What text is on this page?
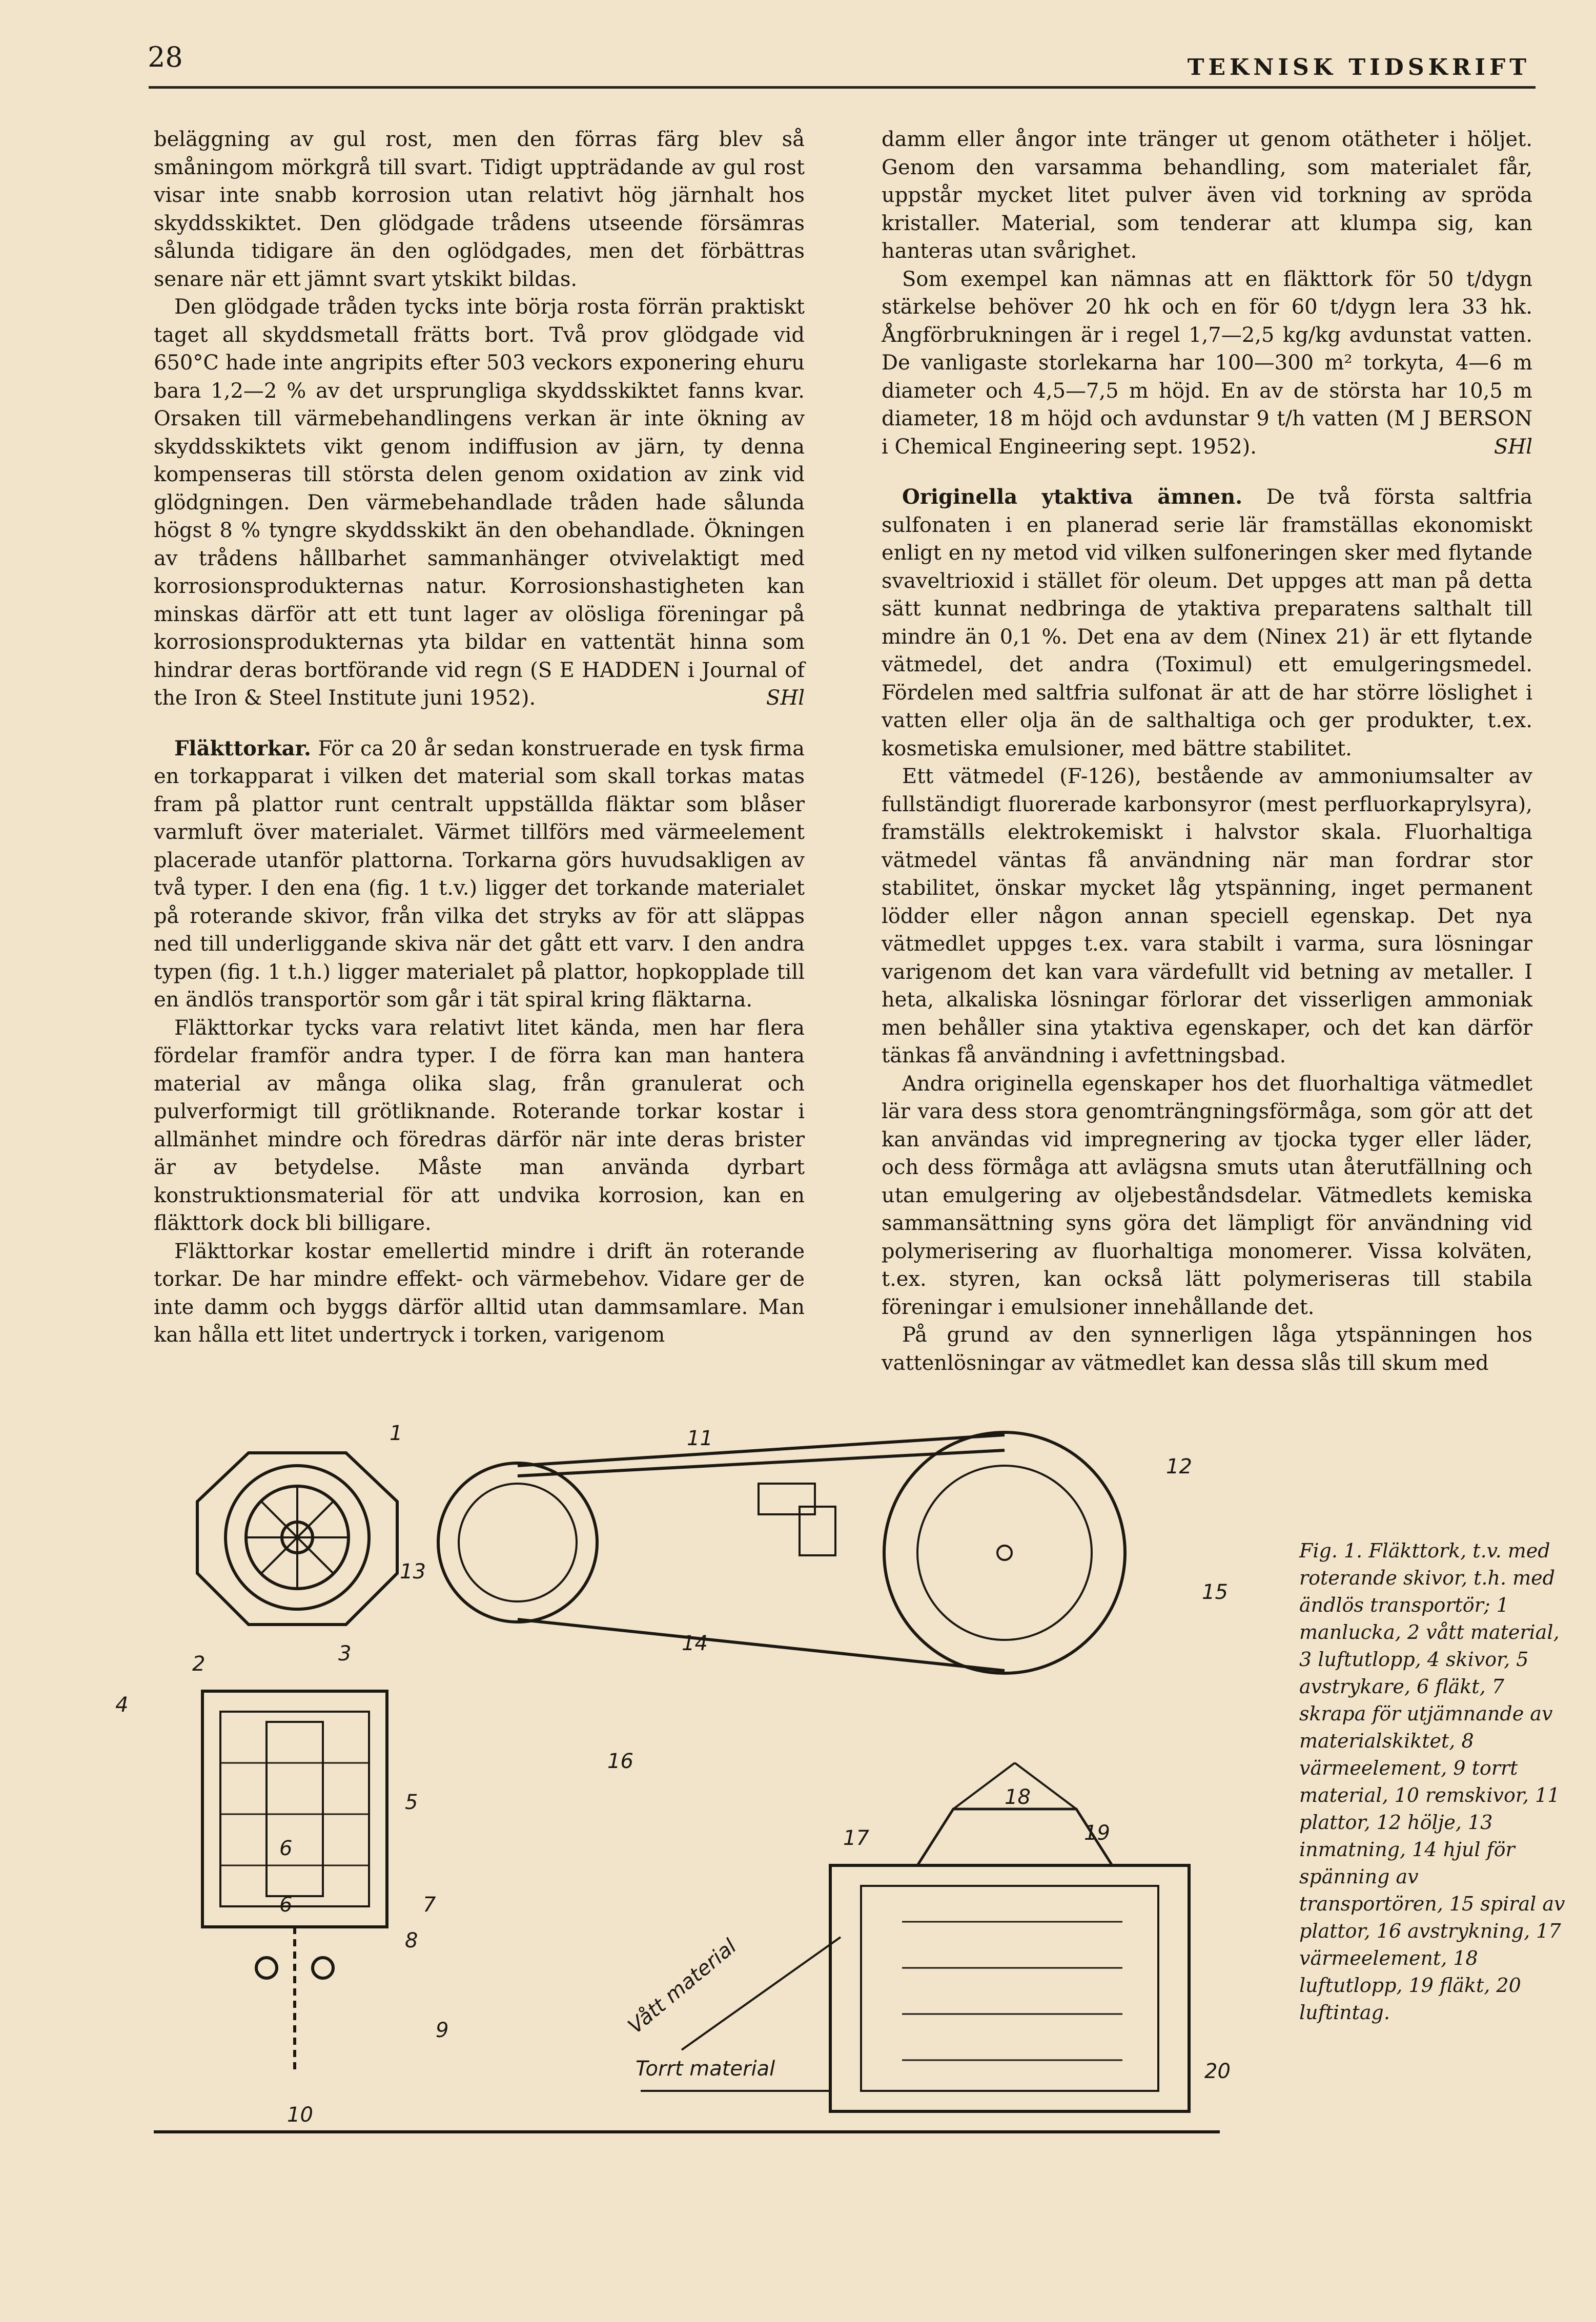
28	TEKNISK TIDSKRIFT

beläggning av gul rost, men den förras färg blev så småningom mörkgrå till svart. Tidigt uppträdande av gul rost visar inte snabb korrosion utan relativt hög järnhalt hos skyddsskiktet. Den glödgade trådens utseende försämras sålunda tidigare än den oglödgades, men det förbättras senare när ett jämnt svart ytskikt bildas.

Den glödgade tråden tycks inte börja rosta förrän praktiskt taget all skyddsmetall frätts bort. Två prov glödgade vid 650°C hade inte angripits efter 503 veckors exponering ehuru bara 1,2—2 % av det ursprungliga skyddsskiktet fanns kvar. Orsaken till värmebehandlingens verkan är inte ökning av skyddsskiktets vikt genom indiffusion av järn, ty denna kompenseras till största delen genom oxidation av zink vid glödgningen. Den värmebehandlade tråden hade sålunda högst 8 % tyngre skyddsskikt än den obehandlade. Ökningen av trådens hållbarhet sammanhänger otvivelaktigt med korrosionsprodukternas natur. Korrosionshastigheten kan minskas därför att ett tunt lager av olösliga föreningar på korrosionsprodukternas yta bildar en vattentät hinna som hindrar deras bortförande vid regn (S E HADDEN i Journal of the Iron & Steel Institute juni 1952).	SHl

Fläkttorkar. För ca 20 år sedan konstruerade en tysk firma en torkapparat i vilken det material som skall torkas matas fram på plattor runt centralt uppställda fläktar som blåser varmluft över materialet. Värmet tillförs med värmeelement placerade utanför plattorna. Torkarna görs huvudsakligen av två typer. I den ena (fig. 1 t.v.) ligger det torkande materialet på roterande skivor, från vilka det stryks av för att släppas ned till underliggande skiva när det gått ett varv. I den andra typen (fig. 1 t.h.) ligger materialet på plattor, hopkopplade till en ändlös transportör som går i tät spiral kring fläktarna.

Fläkttorkar tycks vara relativt litet kända, men har flera fördelar framför andra typer. I de förra kan man hantera material av många olika slag, från granulerat och pulverformigt till grötliknande. Roterande torkar kostar i allmänhet mindre och föredras därför när inte deras brister är av betydelse. Måste man använda dyrbart konstruktionsmaterial för att undvika korrosion, kan en fläkttork dock bli billigare.

Fläkttorkar kostar emellertid mindre i drift än roterande torkar. De har mindre effekt- och värmebehov. Vidare ger de inte damm och byggs därför alltid utan dammsamlare. Man kan hålla ett litet undertryck i torken, varigenom

damm eller ångor inte tränger ut genom otätheter i höljet. Genom den varsamma behandling, som materialet får, uppstår mycket litet pulver även vid torkning av spröda kristaller. Material, som tenderar att klumpa sig, kan hanteras utan svårighet.

Som exempel kan nämnas att en fläkttork för 50 t/dygn stärkelse behöver 20 hk och en för 60 t/dygn lera 33 hk. Ångförbrukningen är i regel 1,7—2,5 kg/kg avdunstat vatten. De vanligaste storlekarna har 100—300 m² torkyta, 4—6 m diameter och 4,5—7,5 m höjd. En av de största har 10,5 m diameter, 18 m höjd och avdunstar 9 t/h vatten (M J BERSON i Chemical Engineering sept. 1952).	SHl

Originella ytaktiva ämnen. De två första saltfria sulfonaten i en planerad serie lär framställas ekonomiskt enligt en ny metod vid vilken sulfoneringen sker med flytande svaveltrioxid i stället för oleum. Det uppges att man på detta sätt kunnat nedbringa de ytaktiva preparatens salthalt till mindre än 0,1 %. Det ena av dem (Ninex 21) är ett flytande vätmedel, det andra (Toximul) ett emulgeringsmedel. Fördelen med saltfria sulfonat är att de har större löslighet i vatten eller olja än de salthaltiga och ger produkter, t.ex. kosmetiska emulsioner, med bättre stabilitet.

Ett vätmedel (F-126), bestående av ammoniumsalter av fullständigt fluorerade karbonsyror (mest perfluorkaprylsyra), framställs elektrokemiskt i halvstor skala. Fluorhaltiga vätmedel väntas få användning när man fordrar stor stabilitet, önskar mycket låg ytspänning, inget permanent lödder eller någon annan speciell egenskap. Det nya vätmedlet uppges t.ex. vara stabilt i varma, sura lösningar varigenom det kan vara värdefullt vid betning av metaller. I heta, alkaliska lösningar förlorar det visserligen ammoniak men behåller sina ytaktiva egenskaper, och det kan därför tänkas få användning i avfettningsbad.

Andra originella egenskaper hos det fluorhaltiga vätmedlet lär vara dess stora genomträngningsförmåga, som gör att det kan användas vid impregnering av tjocka tyger eller läder, och dess förmåga att avlägsna smuts utan återutfällning och utan emulgering av oljebeståndsdelar. Vätmedlets kemiska sammansättning syns göra det lämpligt för användning vid polymerisering av fluorhaltiga monomerer. Vissa kolväten, t.ex. styren, kan också lätt polymeriseras till stabila föreningar i emulsioner innehållande det.

På grund av den synnerligen låga ytspänningen hos vattenlösningar av vätmedlet kan dessa slås till skum med

1
2	3
4
5
6
6	7
8
9
10
11
12
13
14
15
16
17
18
19
20
Vått material
Torrt material
Fig. 1. Fläkttork, t.v. med roterande skivor, t.h. med ändlös transportör; 1 manlucka, 2 vått material, 3 luftutlopp, 4 skivor, 5 avstrykare, 6 fläkt, 7 skrapa för utjämnande av materialskiktet, 8 värmeelement, 9 torrt material, 10 remskivor, 11 plattor, 12 hölje, 13 inmatning, 14 hjul för spänning av transportören, 15 spiral av plattor, 16 avstrykning, 17 värmeelement, 18 luftutlopp, 19 fläkt, 20 luftintag.
